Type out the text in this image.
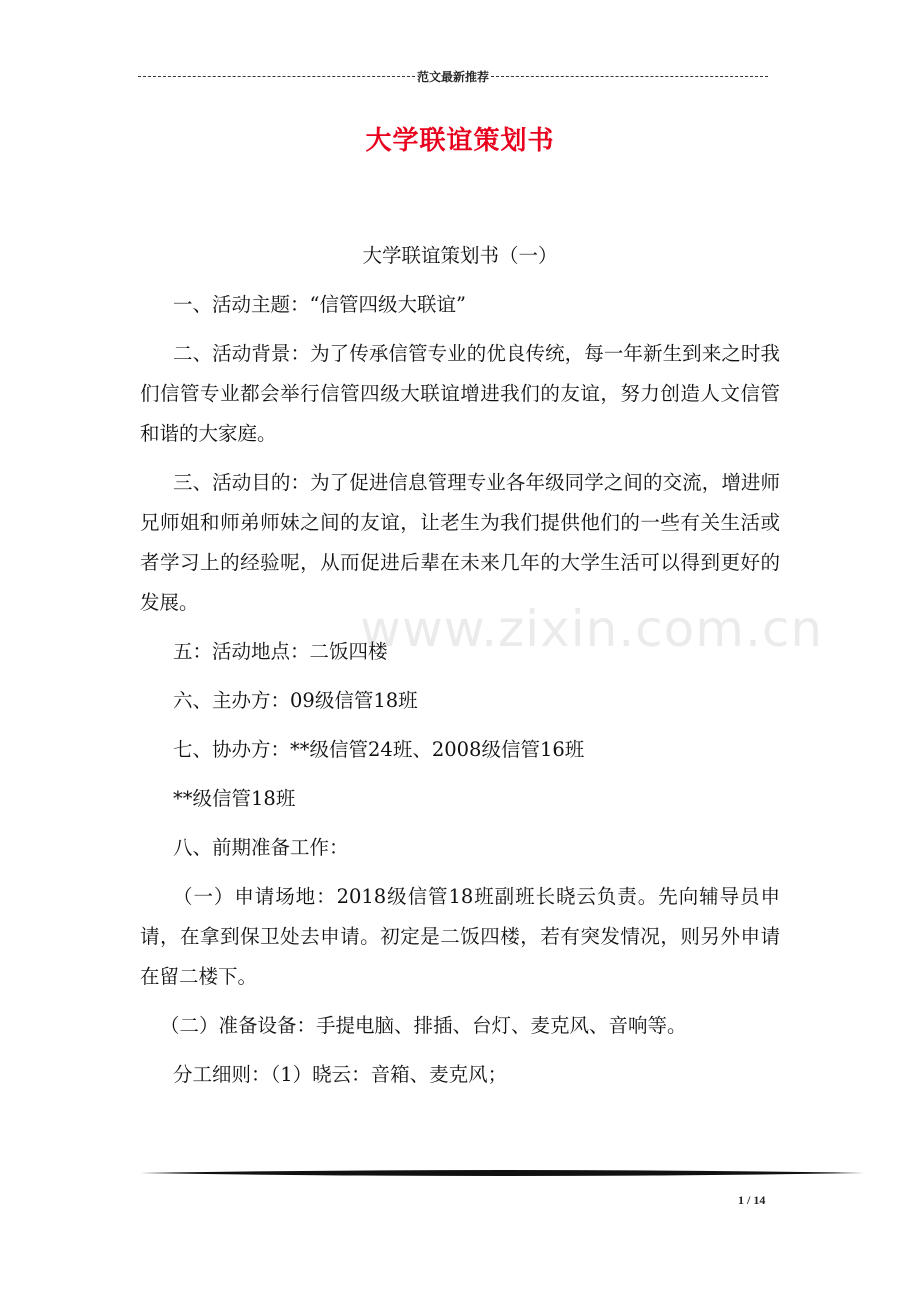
范文最新推荐
大学联谊策划书

大学联谊策划书（一）

一、活动主题：“信管四级大联谊”

二、活动背景：为了传承信管专业的优良传统，每一年新生到来之时我们信管专业都会举行信管四级大联谊增进我们的友谊，努力创造人文信管和谐的大家庭。

三、活动目的：为了促进信息管理专业各年级同学之间的交流，增进师兄师姐和师弟师妹之间的友谊，让老生为我们提供他们的一些有关生活或者学习上的经验呢，从而促进后辈在未来几年的大学生活可以得到更好的发展。

五：活动地点：二饭四楼

六、主办方：09级信管18班

七、协办方：**级信管24班、2008级信管16班

**级信管18班

八、前期准备工作：

（一）申请场地：2018级信管18班副班长晓云负责。先向辅导员申请，在拿到保卫处去申请。初定是二饭四楼，若有突发情况，则另外申请在留二楼下。

（二）准备设备：手提电脑、排插、台灯、麦克风、音响等。

分工细则：（1）晓云：音箱、麦克风；

www.zixin.com.cn
1 / 14
